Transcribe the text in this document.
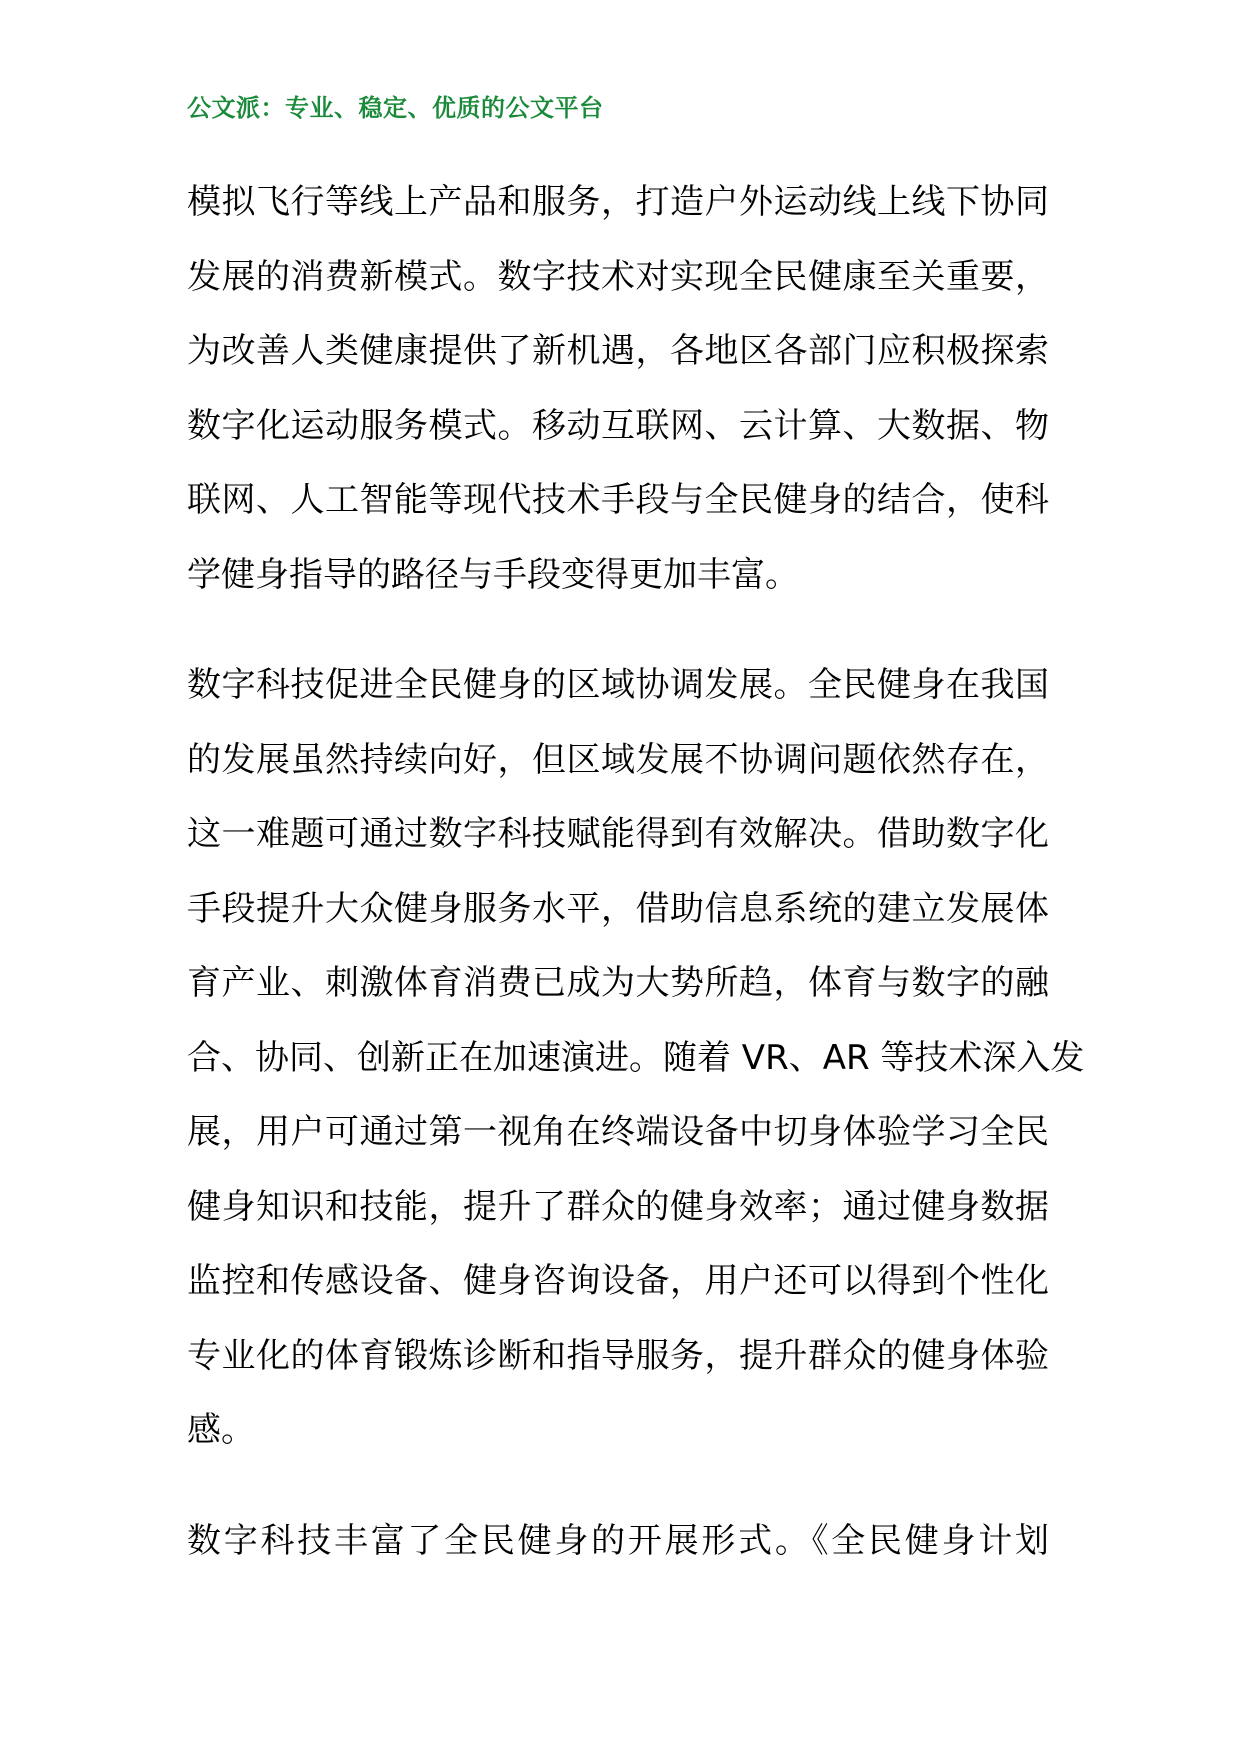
公文派：专业、稳定、优质的公文平台

模拟飞行等线上产品和服务，打造户外运动线上线下协同
发展的消费新模式。数字技术对实现全民健康至关重要，
为改善人类健康提供了新机遇，各地区各部门应积极探索
数字化运动服务模式。移动互联网、云计算、大数据、物
联网、人工智能等现代技术手段与全民健身的结合，使科
学健身指导的路径与手段变得更加丰富。

数字科技促进全民健身的区域协调发展。全民健身在我国
的发展虽然持续向好，但区域发展不协调问题依然存在，
这一难题可通过数字科技赋能得到有效解决。借助数字化
手段提升大众健身服务水平，借助信息系统的建立发展体
育产业、刺激体育消费已成为大势所趋，体育与数字的融
合、协同、创新正在加速演进。随着 VR、AR 等技术深入发
展，用户可通过第一视角在终端设备中切身体验学习全民
健身知识和技能，提升了群众的健身效率；通过健身数据
监控和传感设备、健身咨询设备，用户还可以得到个性化
专业化的体育锻炼诊断和指导服务，提升群众的健身体验
感。

数字科技丰富了全民健身的开展形式。《全民健身计划
